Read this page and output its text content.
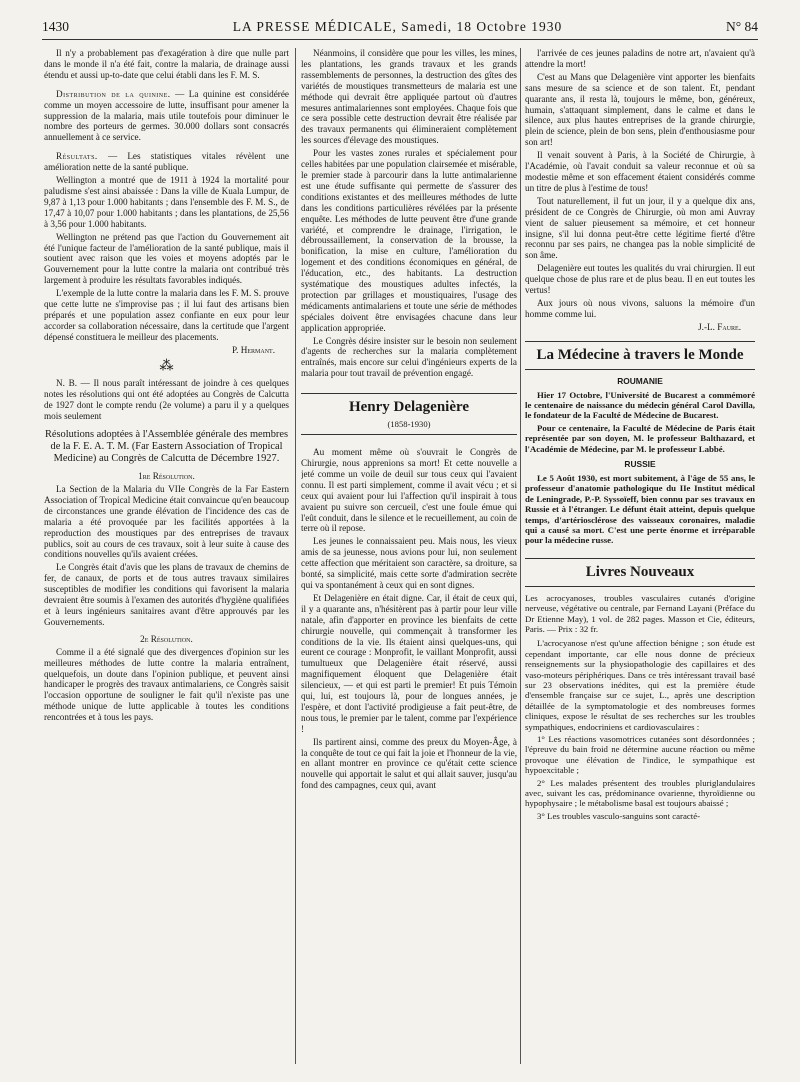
1430	LA PRESSE MÉDICALE, Samedi, 18 Octobre 1930	N° 84

Il n'y a probablement pas d'exagération à dire que nulle part dans le monde il n'a été fait, contre la malaria, de drainage aussi étendu et aussi up-to-date que celui établi dans les F. M. S.

Distribution de la quinine. — La quinine est considérée comme un moyen accessoire de lutte, insuffisant pour amener la suppression de la malaria, mais utile toutefois pour diminuer le nombre des porteurs de germes. 30.000 dollars sont consacrés annuellement à ce service.

Résultats. — Les statistiques vitales révèlent une amélioration nette de la santé publique.

Wellington a montré que de 1911 à 1924 la mortalité pour paludisme s'est ainsi abaissée : Dans la ville de Kuala Lumpur, de 9,87 à 1,13 pour 1.000 habitants ; dans l'ensemble des F. M. S., de 17,47 à 10,07 pour 1.000 habitants ; dans les plantations, de 25,56 à 3,56 pour 1.000 habitants.

Wellington ne prétend pas que l'action du Gouvernement ait été l'unique facteur de l'amélioration de la santé publique, mais il soutient avec raison que les voies et moyens adoptés par le Gouvernement pour la lutte contre la malaria ont contribué très largement à produire les résultats favorables indiqués.

L'exemple de la lutte contre la malaria dans les F. M. S. prouve que cette lutte ne s'improvise pas ; il lui faut des artisans bien préparés et une population assez confiante en eux pour leur accorder sa collaboration nécessaire, dans la certitude que l'argent dépensé constituera le meilleur des placements.

P. Hermant.
⁂

N. B. — Il nous paraît intéressant de joindre à ces quelques notes les résolutions qui ont été adoptées au Congrès de Calcutta de 1927 dont le compte rendu (2e volume) a paru il y a quelques mois seulement

Résolutions adoptées à l'Assemblée générale des membres de la F. E. A. T. M. (Far Eastern Association of Tropical Medicine) au Congrès de Calcutta de Décembre 1927.

1re Résolution.

La Section de la Malaria du VIIe Congrès de la Far Eastern Association of Tropical Medicine était convaincue qu'en beaucoup de circonstances une grande élévation de l'incidence des cas de malaria a été provoquée par les facilités apportées à la reproduction des moustiques par des entreprises de travaux publics, soit au cours de ces travaux, soit à leur suite à cause des conditions nouvelles qu'ils avaient créées.

Le Congrès était d'avis que les plans de travaux de chemins de fer, de canaux, de ports et de tous autres travaux similaires susceptibles de modifier les conditions qui favorisent la malaria devraient être soumis à l'examen des autorités d'hygiène qualifiées et à leurs ingénieurs sanitaires avant d'être approuvés par les Gouvernements.

2e Résolution.

Comme il a été signalé que des divergences d'opinion sur les meilleures méthodes de lutte contre la malaria entraînent, quelquefois, un doute dans l'opinion publique, et peuvent ainsi handicaper le progrès des travaux antimalariens, ce Congrès saisit l'occasion opportune de souligner le fait qu'il n'existe pas une méthode unique de lutte applicable à toutes les conditions rencontrées et à tous les pays.

Néanmoins, il considère que pour les villes, les mines, les plantations, les grands travaux et les grands rassemblements de personnes, la destruction des gîtes des variétés de moustiques transmetteurs de malaria est une méthode qui devrait être appliquée partout où d'autres mesures antimalariennes sont employées. Chaque fois que ce sera possible cette destruction devrait être réalisée par des travaux permanents qui élimineraient complètement les sources d'élevage des moustiques.

Pour les vastes zones rurales et spécialement pour celles habitées par une population clairsemée et misérable, le premier stade à parcourir dans la lutte antimalarienne est une étude suffisante qui permette de s'assurer des conditions existantes et des meilleures méthodes de lutte dans les conditions particulières révélées par la présente enquête. Les méthodes de lutte peuvent être d'une grande variété, et comprendre le drainage, l'irrigation, le débroussaillement, la conservation de la brousse, la bonification, la mise en culture, l'amélioration du logement et des conditions économiques en général, de l'éducation, etc., des habitants. La destruction systématique des moustiques adultes infectés, la protection par grillages et moustiquaires, l'usage des médicaments antimalariens et toute une série de méthodes spéciales doivent être envisagées chacune dans leur application appropriée.

Le Congrès désire insister sur le besoin non seulement d'agents de recherches sur la malaria complètement entraînés, mais encore sur celui d'ingénieurs experts de la malaria pour tout travail de prévention engagé.

Henry Delagenière
(1858-1930)

Au moment même où s'ouvrait le Congrès de Chirurgie, nous apprenions sa mort! Et cette nouvelle a jeté comme un voile de deuil sur tous ceux qui l'avaient connu. Il est parti simplement, comme il avait vécu ; et si ceux qui avaient pour lui l'affection qu'il inspirait à tous avaient pu suivre son cercueil, c'est une foule émue qui l'eût conduit, dans le silence et le recueillement, au coin de terre où il repose.

Les jeunes le connaissaient peu. Mais nous, les vieux amis de sa jeunesse, nous avions pour lui, non seulement cette affection que méritaient son caractère, sa droiture, sa bonté, sa simplicité, mais cette sorte d'admiration secrète qui va spontanément à ceux qui en sont dignes.

Et Delagenière en était digne. Car, il était de ceux qui, il y a quarante ans, n'hésitèrent pas à partir pour leur ville natale, afin d'apporter en province les bienfaits de cette chirurgie nouvelle, qui commençait à transformer les conditions de la vie. Ils étaient ainsi quelques-uns, qui eurent ce courage : Monprofit, le vaillant Monprofit, aussi tumultueux que Delagenière était réservé, aussi magnifiquement éloquent que Delagenière était silencieux, — et qui est parti le premier! Et puis Témoin qui, lui, est toujours là, pour de longues années, je l'espère, et dont l'activité prodigieuse a fait peut-être, de nous tous, le premier par le talent, comme par l'expérience !

Ils partirent ainsi, comme des preux du Moyen-Âge, à la conquête de tout ce qui fait la joie et l'honneur de la vie, en allant montrer en province ce qu'était cette science nouvelle qui apportait le salut et qui allait sauver, jusqu'au fond des campagnes, ceux qui, avant

l'arrivée de ces jeunes paladins de notre art, n'avaient qu'à attendre la mort!

C'est au Mans que Delagenière vint apporter les bienfaits sans mesure de sa science et de son talent. Et, pendant quarante ans, il resta là, toujours le même, bon, généreux, humain, s'attaquant simplement, dans le calme et dans le silence, aux plus hautes entreprises de la grande chirurgie, plein de science, plein de bon sens, plein d'enthousiasme pour son art!

Il venait souvent à Paris, à la Société de Chirurgie, à l'Académie, où l'avait conduit sa valeur reconnue et où sa modestie même et son effacement étaient considérés comme un titre de plus à l'estime de tous!

Tout naturellement, il fut un jour, il y a quelque dix ans, président de ce Congrès de Chirurgie, où mon ami Auvray vient de saluer pieusement sa mémoire, et cet honneur insigne, s'il lui donna peut-être cette légitime fierté d'être reconnu par ses pairs, ne changea pas la noble simplicité de son âme.

Delagenière eut toutes les qualités du vrai chirurgien. Il eut quelque chose de plus rare et de plus beau. Il en eut toutes les vertus!

Aux jours où nous vivons, saluons la mémoire d'un homme comme lui.

J.-L. Faure.
La Médecine à travers le Monde
ROUMANIE

Hier 17 Octobre, l'Université de Bucarest a commémoré le centenaire de naissance du médecin général Carol Davilla, le fondateur de la Faculté de Médecine de Bucarest.

Pour ce centenaire, la Faculté de Médecine de Paris était représentée par son doyen, M. le professeur Balthazard, et l'Académie de Médecine, par M. le professeur Labbé.

RUSSIE

Le 5 Août 1930, est mort subitement, à l'âge de 55 ans, le professeur d'anatomie pathologique du IIe Institut médical de Leningrade, P.-P. Syssoïeff, bien connu par ses travaux en Russie et à l'étranger. Le défunt était atteint, depuis quelque temps, d'artériosclérose des vaisseaux coronaires, maladie qui a causé sa mort. C'est une perte énorme et irréparable pour la médecine russe.

Livres Nouveaux

Les acrocyanoses, troubles vasculaires cutanés d'origine nerveuse, végétative ou centrale, par Fernand Layani (Préface du Dr Etienne May), 1 vol. de 282 pages. Masson et Cie, éditeurs, Paris. — Prix : 32 fr.

L'acrocyanose n'est qu'une affection bénigne ; son étude est cependant importante, car elle nous donne de précieux renseignements sur la physiopathologie des capillaires et des vaso-moteurs périphériques. Dans ce très intéressant travail basé sur 23 observations inédites, qui est la première étude d'ensemble française sur ce sujet, L., après une description détaillée de la symptomatologie et des nombreuses formes cliniques, expose le résultat de ses recherches sur les troubles sympathiques, endocriniens et cardiovasculaires :

1° Les réactions vasomotrices cutanées sont désordonnées ; l'épreuve du bain froid ne détermine aucune réaction ou même provoque une élévation de l'indice, le sympathique est hypoexcitable ;

2° Les malades présentent des troubles pluriglandulaires avec, suivant les cas, prédominance ovarienne, thyroïdienne ou hypophysaire ; le métabolisme basal est toujours abaissé ;

3° Les troubles vasculo-sanguins sont caracté-
